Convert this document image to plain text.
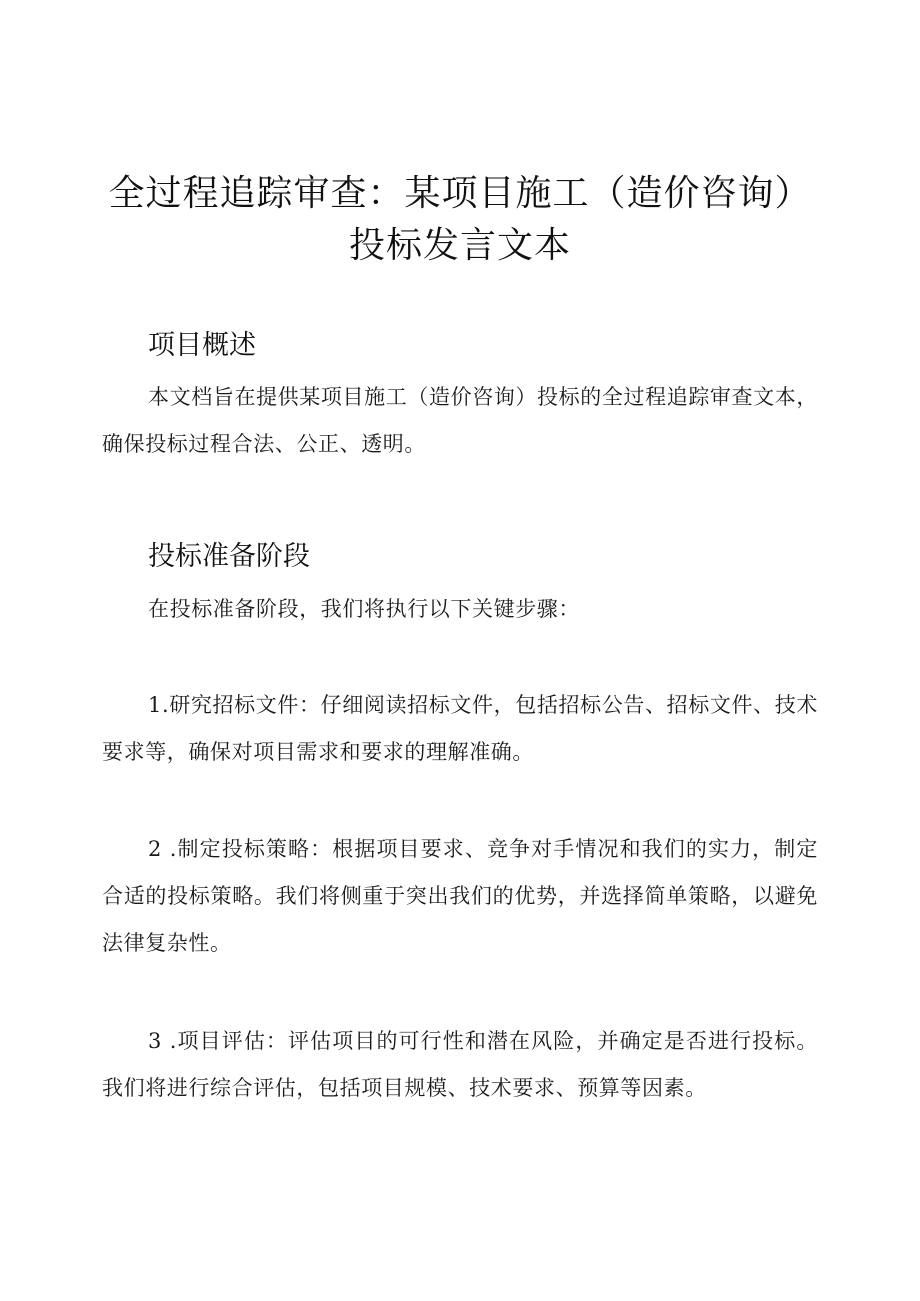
全过程追踪审查：某项目施工（造价咨询）
投标发言文本
项目概述

本文档旨在提供某项目施工（造价咨询）投标的全过程追踪审查文本，确保投标过程合法、公正、透明。

投标准备阶段

在投标准备阶段，我们将执行以下关键步骤：

1.研究招标文件：仔细阅读招标文件，包括招标公告、招标文件、技术要求等，确保对项目需求和要求的理解准确。

2 .制定投标策略：根据项目要求、竞争对手情况和我们的实力，制定合适的投标策略。我们将侧重于突出我们的优势，并选择简单策略，以避免法律复杂性。

3 .项目评估：评估项目的可行性和潜在风险，并确定是否进行投标。我们将进行综合评估，包括项目规模、技术要求、预算等因素。
